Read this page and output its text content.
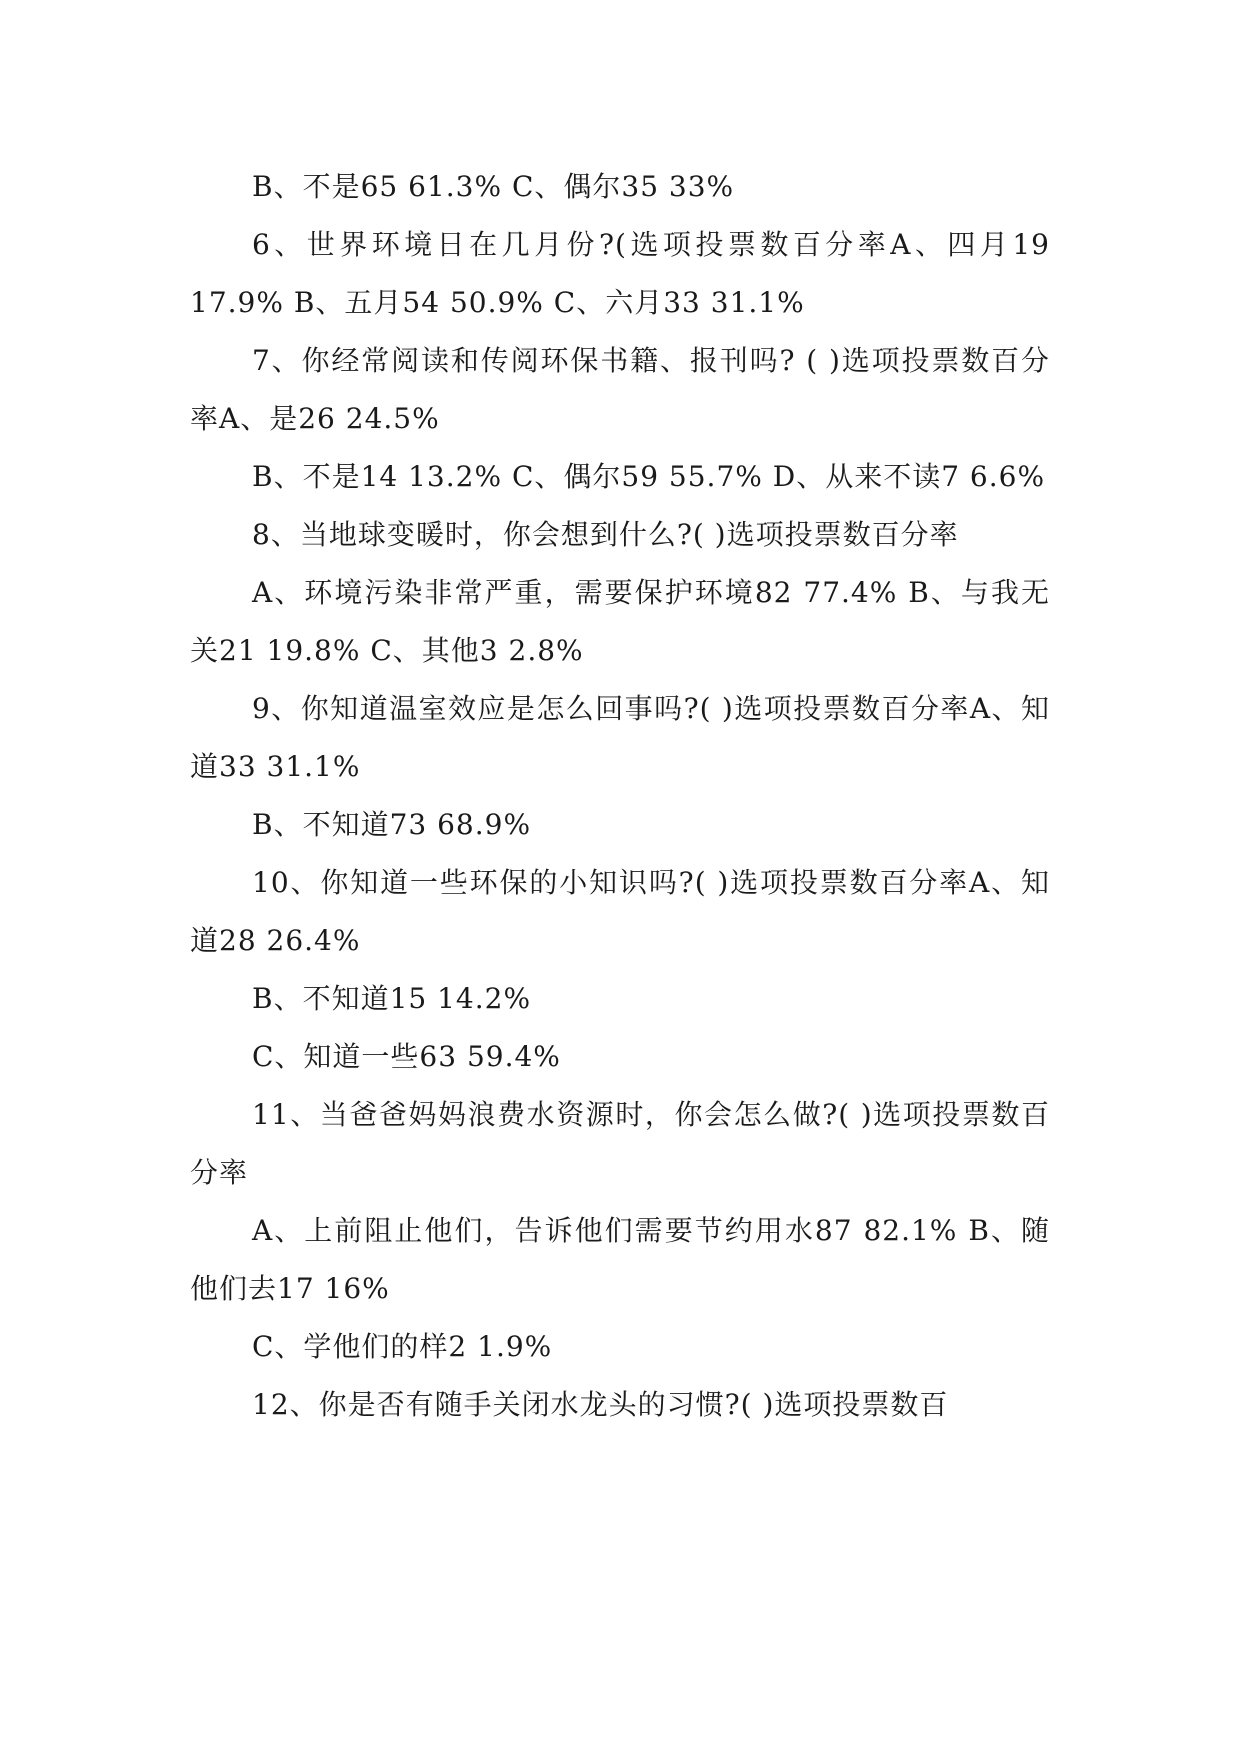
B、不是65 61.3% C、偶尔35 33%

6、世界环境日在几月份?(选项投票数百分率A、四月19 17.9% B、五月54 50.9% C、六月33 31.1%

7、你经常阅读和传阅环保书籍、报刊吗? ( )选项投票数百分率A、是26 24.5%

B、不是14 13.2% C、偶尔59 55.7% D、从来不读7 6.6%

8、当地球变暖时，你会想到什么?( )选项投票数百分率

A、环境污染非常严重，需要保护环境82 77.4% B、与我无关21 19.8% C、其他3 2.8%

9、你知道温室效应是怎么回事吗?( )选项投票数百分率A、知道33 31.1%

B、不知道73 68.9%

10、你知道一些环保的小知识吗?( )选项投票数百分率A、知道28 26.4%

B、不知道15 14.2%

C、知道一些63 59.4%

11、当爸爸妈妈浪费水资源时，你会怎么做?( )选项投票数百分率

A、上前阻止他们，告诉他们需要节约用水87 82.1% B、随他们去17 16%

C、学他们的样2 1.9%

12、你是否有随手关闭水龙头的习惯?( )选项投票数百
